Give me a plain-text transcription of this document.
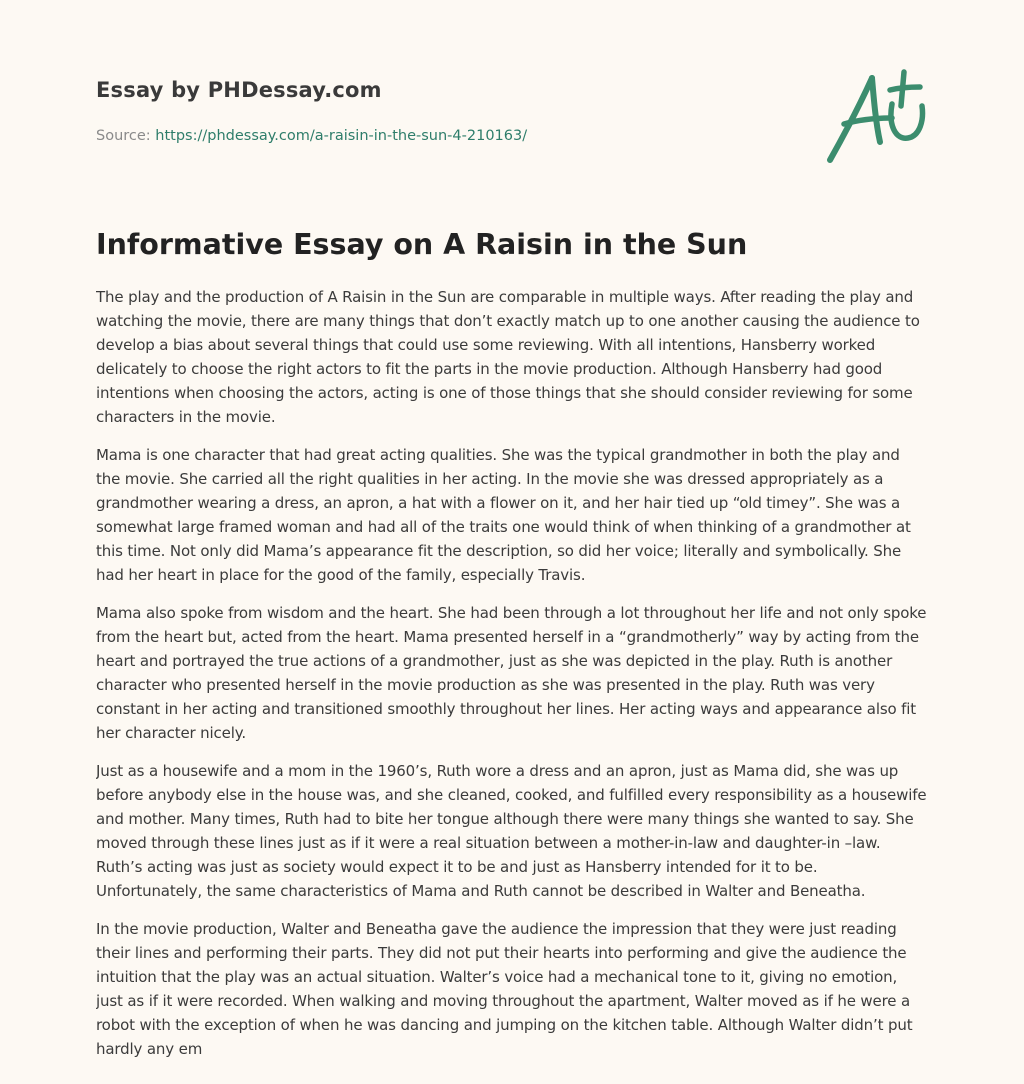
Essay by PHDessay.com
Source: https://phdessay.com/a-raisin-in-the-sun-4-210163/
Informative Essay on A Raisin in the Sun

The play and the production of A Raisin in the Sun are comparable in multiple ways. After reading the play and watching the movie, there are many things that don’t exactly match up to one another causing the audience to develop a bias about several things that could use some reviewing. With all intentions, Hansberry worked delicately to choose the right actors to fit the parts in the movie production. Although Hansberry had good intentions when choosing the actors, acting is one of those things that she should consider reviewing for some characters in the movie.

Mama is one character that had great acting qualities. She was the typical grandmother in both the play and the movie. She carried all the right qualities in her acting. In the movie she was dressed appropriately as a grandmother wearing a dress, an apron, a hat with a flower on it, and her hair tied up “old timey”. She was a somewhat large framed woman and had all of the traits one would think of when thinking of a grandmother at this time. Not only did Mama’s appearance fit the description, so did her voice; literally and symbolically. She had her heart in place for the good of the family, especially Travis.

Mama also spoke from wisdom and the heart. She had been through a lot throughout her life and not only spoke from the heart but, acted from the heart. Mama presented herself in a “grandmotherly” way by acting from the heart and portrayed the true actions of a grandmother, just as she was depicted in the play. Ruth is another character who presented herself in the movie production as she was presented in the play. Ruth was very constant in her acting and transitioned smoothly throughout her lines. Her acting ways and appearance also fit her character nicely.

Just as a housewife and a mom in the 1960’s, Ruth wore a dress and an apron, just as Mama did, she was up before anybody else in the house was, and she cleaned, cooked, and fulfilled every responsibility as a housewife and mother. Many times, Ruth had to bite her tongue although there were many things she wanted to say. She moved through these lines just as if it were a real situation between a mother-in-law and daughter-in –law. Ruth’s acting was just as society would expect it to be and just as Hansberry intended for it to be. Unfortunately, the same characteristics of Mama and Ruth cannot be described in Walter and Beneatha.

In the movie production, Walter and Beneatha gave the audience the impression that they were just reading their lines and performing their parts. They did not put their hearts into performing and give the audience the intuition that the play was an actual situation. Walter’s voice had a mechanical tone to it, giving no emotion, just as if it were recorded. When walking and moving throughout the apartment, Walter moved as if he were a robot with the exception of when he was dancing and jumping on the kitchen table. Although Walter didn’t put hardly any em
